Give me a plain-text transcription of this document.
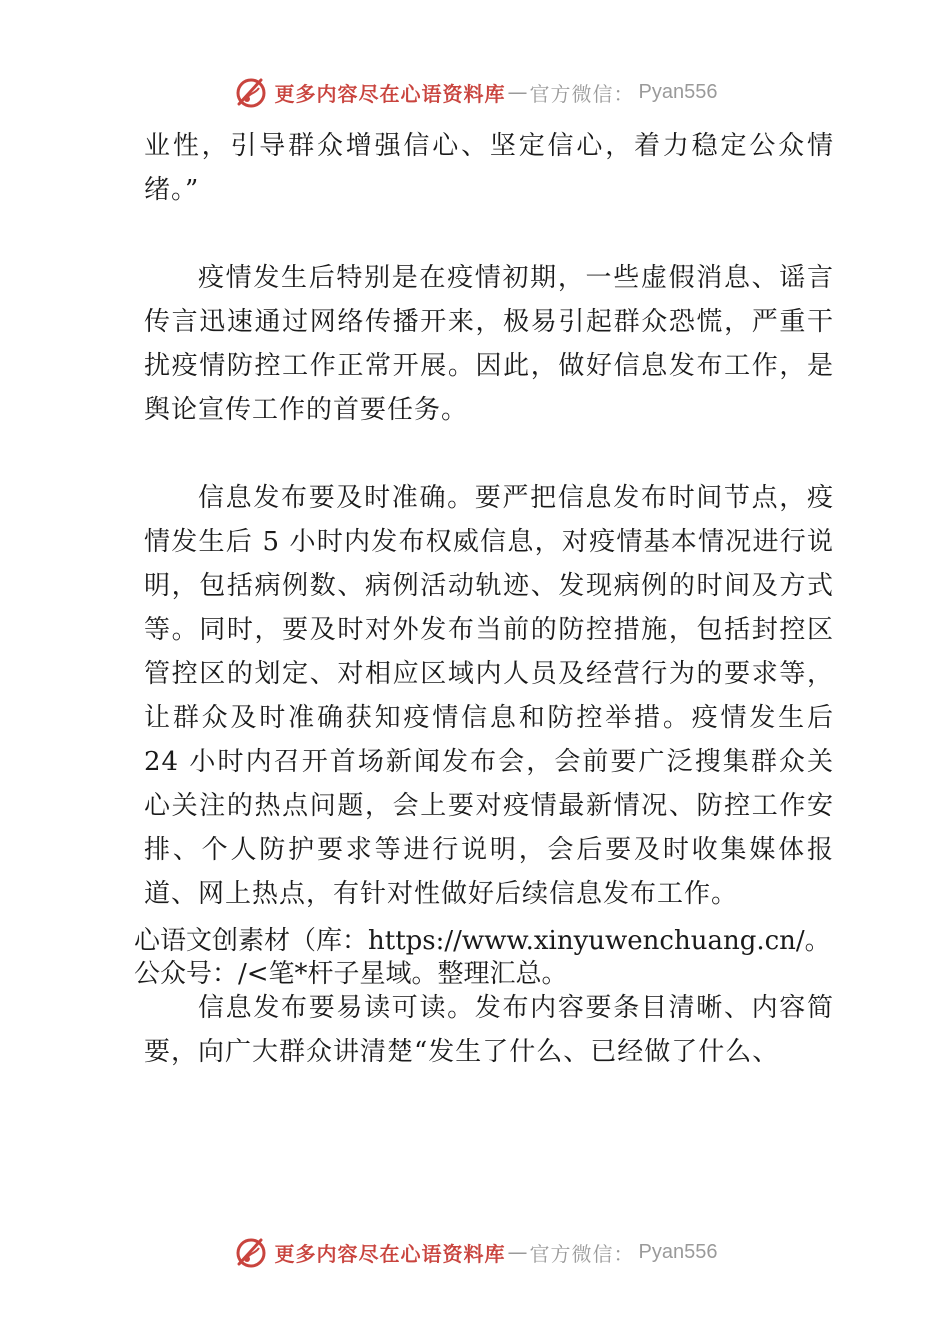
更多内容尽在心语资料库 — 官方微信： Pyan556

业性，引导群众增强信心、坚定信心，着力稳定公众情绪。”

疫情发生后特别是在疫情初期，一些虚假消息、谣言传言迅速通过网络传播开来，极易引起群众恐慌，严重干扰疫情防控工作正常开展。因此，做好信息发布工作，是舆论宣传工作的首要任务。

信息发布要及时准确。要严把信息发布时间节点，疫情发生后 5 小时内发布权威信息，对疫情基本情况进行说明，包括病例数、病例活动轨迹、发现病例的时间及方式等。同时，要及时对外发布当前的防控措施，包括封控区管控区的划定、对相应区域内人员及经营行为的要求等，让群众及时准确获知疫情信息和防控举措。疫情发生后 24 小时内召开首场新闻发布会，会前要广泛搜集群众关心关注的热点问题，会上要对疫情最新情况、防控工作安排、个人防护要求等进行说明，会后要及时收集媒体报道、网上热点，有针对性做好后续信息发布工作。

心语文创素材（库：https://www.xinyuwenchuang.cn/。公众号：/<笔*杆子星域。整理汇总。

信息发布要易读可读。发布内容要条目清晰、内容简要，向广大群众讲清楚“发生了什么、已经做了什么、

更多内容尽在心语资料库 — 官方微信： Pyan556
